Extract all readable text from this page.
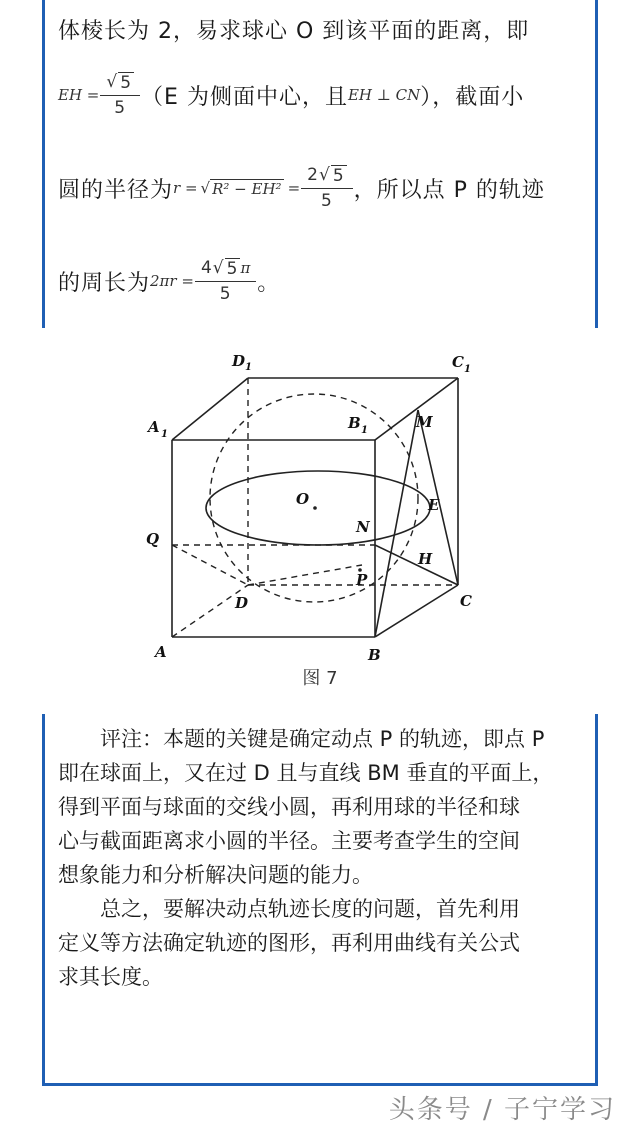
体棱长为 2，易求球心 O 到该平面的距离，即
EH = $\frac{√ 5}{5} (E$ 为侧面中心，且 EH ⊥ CN ），截面小
圆的半径为 r = √ $R^2 - EH^2 = \frac{2√ 5}{5}$ ，所以点 P 的轨迹
的周长为 $2\pi r = \frac{4√ 5 \pi}{5}$ 。
D 1	C 1
A 1
B 1	M
O	E
N
Q
H
P
D	C
A	B
图 7
　　评注：本题的关键是确定动点 P 的轨迹，即点 P
即在球面上，又在过 D 且与直线 BM 垂直的平面上，
得到平面与球面的交线小圆，再利用球的半径和球
心与截面距离求小圆的半径。主要考查学生的空间
想象能力和分析解决问题的能力。
　　总之，要解决动点轨迹长度的问题，首先利用
定义等方法确定轨迹的图形，再利用曲线有关公式
求其长度。
头条号 / 子宁学习
